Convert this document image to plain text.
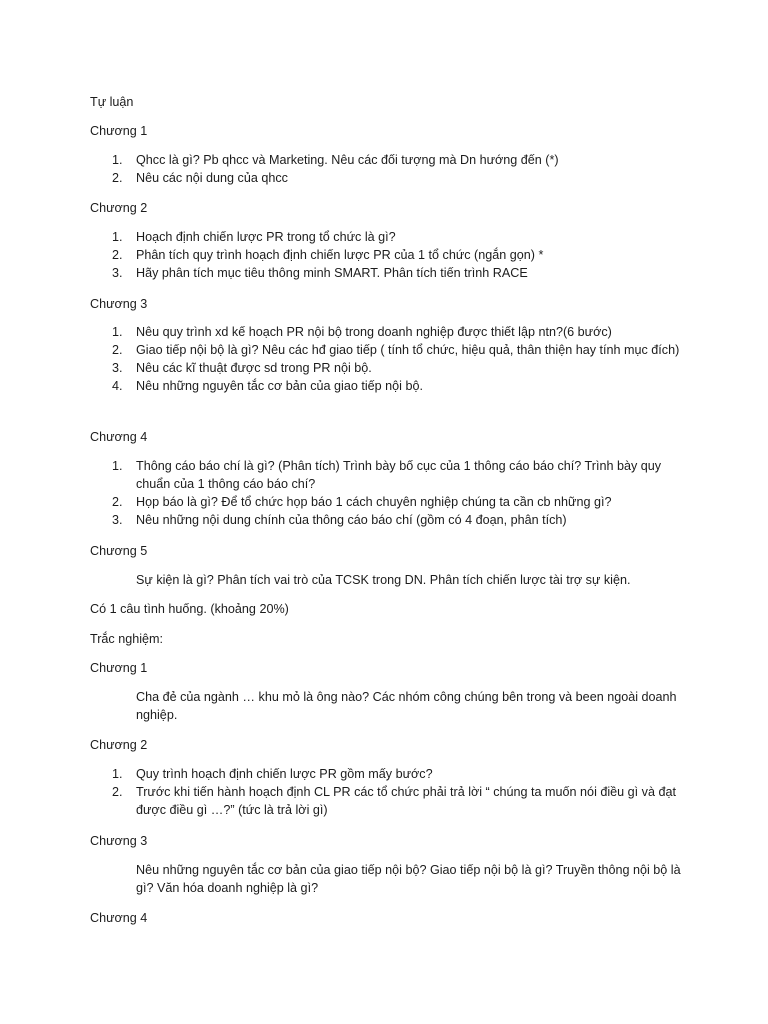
Tự luận

Chương 1

1. Qhcc là gì? Pb qhcc và Marketing. Nêu các đối tượng mà Dn hướng đến (*)
2. Nêu các nội dung của qhcc

Chương 2

1. Hoạch định chiến lược PR trong tổ chức là gì?
2. Phân tích quy trình hoạch định chiến lược PR của 1 tổ chức (ngắn gọn) *
3. Hãy phân tích mục tiêu thông minh SMART. Phân tích tiến trình RACE

Chương 3

1. Nêu quy trình xd kế hoạch PR nội bộ trong doanh nghiệp được thiết lập ntn?(6 bước)
2. Giao tiếp nội bộ là gì? Nêu các hđ giao tiếp ( tính tổ chức, hiệu quả, thân thiện hay tính mục đích)
3. Nêu các kĩ thuật được sd trong PR nội bộ.
4. Nêu những nguyên tắc cơ bản của giao tiếp nội bộ.

Chương 4

1. Thông cáo báo chí là gì? (Phân tích) Trình bày bố cục của 1 thông cáo báo chí? Trình bày quy chuẩn của 1 thông cáo báo chí?
2. Họp báo là gì? Để tổ chức họp báo 1 cách chuyên nghiệp chúng ta cần cb những gì?
3. Nêu những nội dung chính của thông cáo báo chí (gồm có 4 đoạn, phân tích)

Chương 5

Sự kiện là gì? Phân tích vai trò của TCSK trong DN. Phân tích chiến lược tài trợ sự kiện.

Có 1 câu tình huống. (khoảng 20%)

Trắc nghiệm:

Chương 1

Cha đẻ của ngành … khu mỏ là ông nào? Các nhóm công chúng bên trong và been ngoài doanh nghiệp.

Chương 2

1. Quy trình hoạch định chiến lược PR gồm mấy bước?
2. Trước khi tiến hành hoạch định CL PR các tổ chức phải trả lời “ chúng ta muốn nói điều gì và đạt được điều gì …?” (tức là trả lời gì)

Chương 3

Nêu những nguyên tắc cơ bản của giao tiếp nội bộ? Giao tiếp nội bộ là gì? Truyền thông nội bộ là gì? Văn hóa doanh nghiệp là gì?

Chương 4
